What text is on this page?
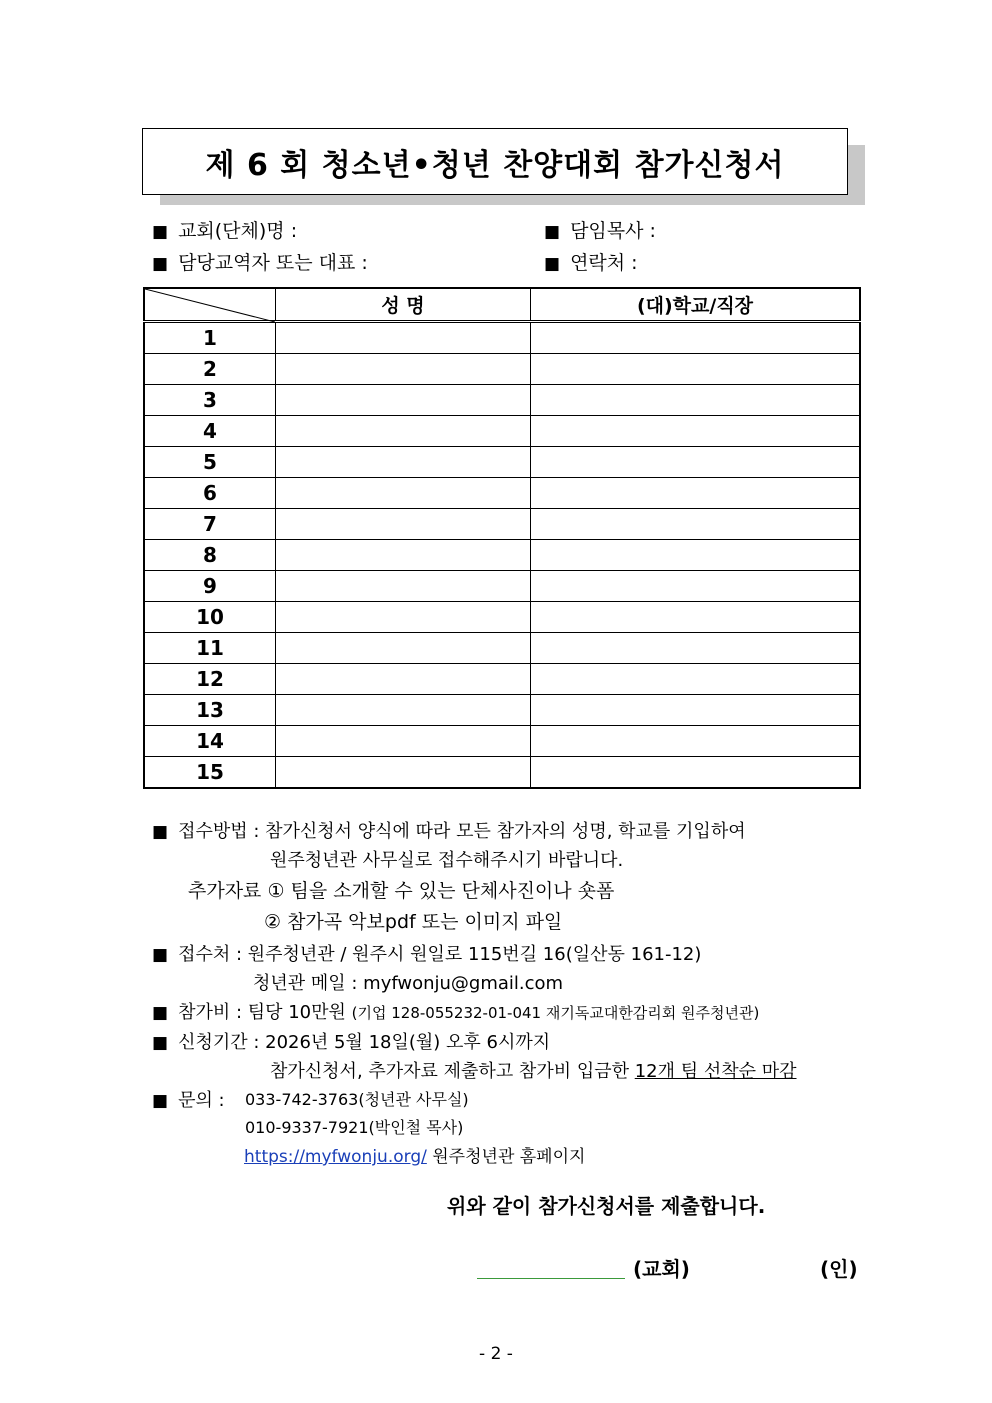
제 6 회 청소년•청년 찬양대회 참가신청서
■ 교회(단체)명 :	■ 담임목사 :
■ 담당교역자 또는 대표 :	■ 연락처 :
	성 명	(대)학교/직장
1		
2		
3		
4		
5		
6		
7		
8		
9		
10		
11		
12		
13		
14		
15		
■ 접수방법 : 참가신청서 양식에 따라 모든 참가자의 성명, 학교를 기입하여
원주청년관 사무실로 접수해주시기 바랍니다.
추가자료 ① 팀을 소개할 수 있는 단체사진이나 숏폼
② 참가곡 악보pdf 또는 이미지 파일
■ 접수처 : 원주청년관 / 원주시 원일로 115번길 16(일산동 161-12)
청년관 메일 : myfwonju@gmail.com
■ 참가비 : 팀당 10만원 (기업 128-055232-01-041 재기독교대한감리회 원주청년관)
■ 신청기간 : 2026년 5월 18일(월) 오후 6시까지
참가신청서, 추가자료 제출하고 참가비 입금한 12개 팀 선착순 마감
■ 문의 : 033-742-3763(청년관 사무실)
010-9337-7921(박인철 목사)
https://myfwonju.org/ 원주청년관 홈페이지
위와 같이 참가신청서를 제출합니다.
(교회)	(인)
- 2 -
